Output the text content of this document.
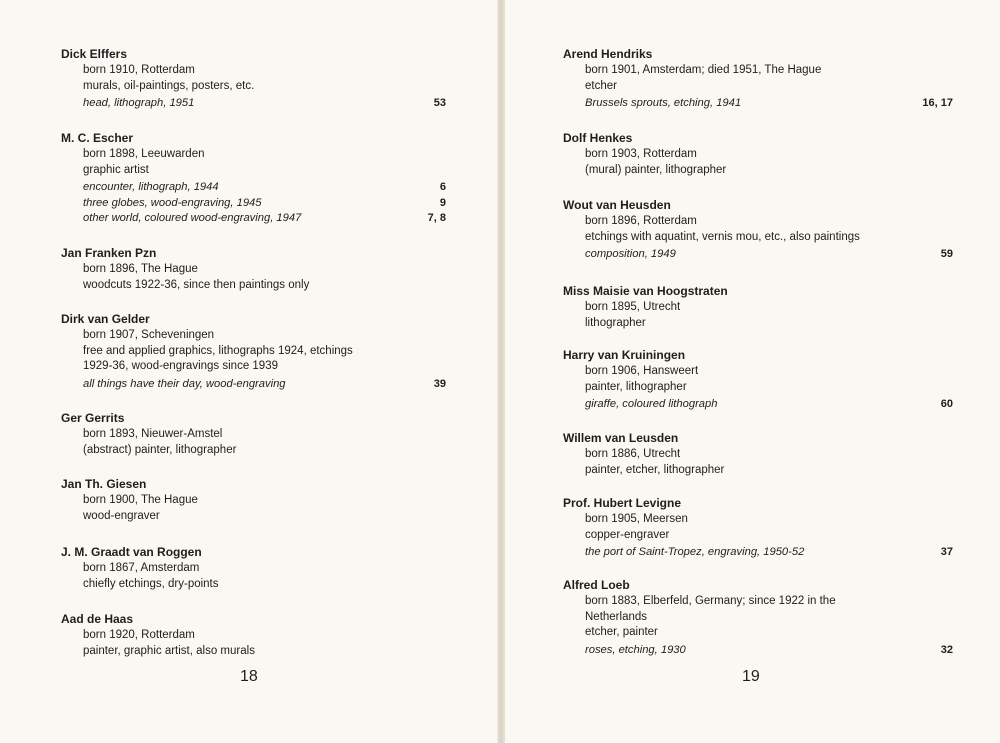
Dick Elffers
born 1910, Rotterdam
murals, oil-paintings, posters, etc.
head, lithograph, 1951	53
M. C. Escher
born 1898, Leeuwarden
graphic artist
encounter, lithograph, 1944	6
three globes, wood-engraving, 1945	9
other world, coloured wood-engraving, 1947	7, 8
Jan Franken Pzn
born 1896, The Hague
woodcuts 1922-36, since then paintings only
Dirk van Gelder
born 1907, Scheveningen
free and applied graphics, lithographs 1924, etchings
1929-36, wood-engravings since 1939
all things have their day, wood-engraving	39
Ger Gerrits
born 1893, Nieuwer-Amstel
(abstract) painter, lithographer
Jan Th. Giesen
born 1900, The Hague
wood-engraver
J. M. Graadt van Roggen
born 1867, Amsterdam
chiefly etchings, dry-points
Aad de Haas
born 1920, Rotterdam
painter, graphic artist, also murals
18
Arend Hendriks
born 1901, Amsterdam; died 1951, The Hague
etcher
Brussels sprouts, etching, 1941	16, 17
Dolf Henkes
born 1903, Rotterdam
(mural) painter, lithographer
Wout van Heusden
born 1896, Rotterdam
etchings with aquatint, vernis mou, etc., also paintings
composition, 1949	59
Miss Maisie van Hoogstraten
born 1895, Utrecht
lithographer
Harry van Kruiningen
born 1906, Hansweert
painter, lithographer
giraffe, coloured lithograph	60
Willem van Leusden
born 1886, Utrecht
painter, etcher, lithographer
Prof. Hubert Levigne
born 1905, Meersen
copper-engraver
the port of Saint-Tropez, engraving, 1950-52	37
Alfred Loeb
born 1883, Elberfeld, Germany; since 1922 in the
Netherlands
etcher, painter
roses, etching, 1930	32
19
